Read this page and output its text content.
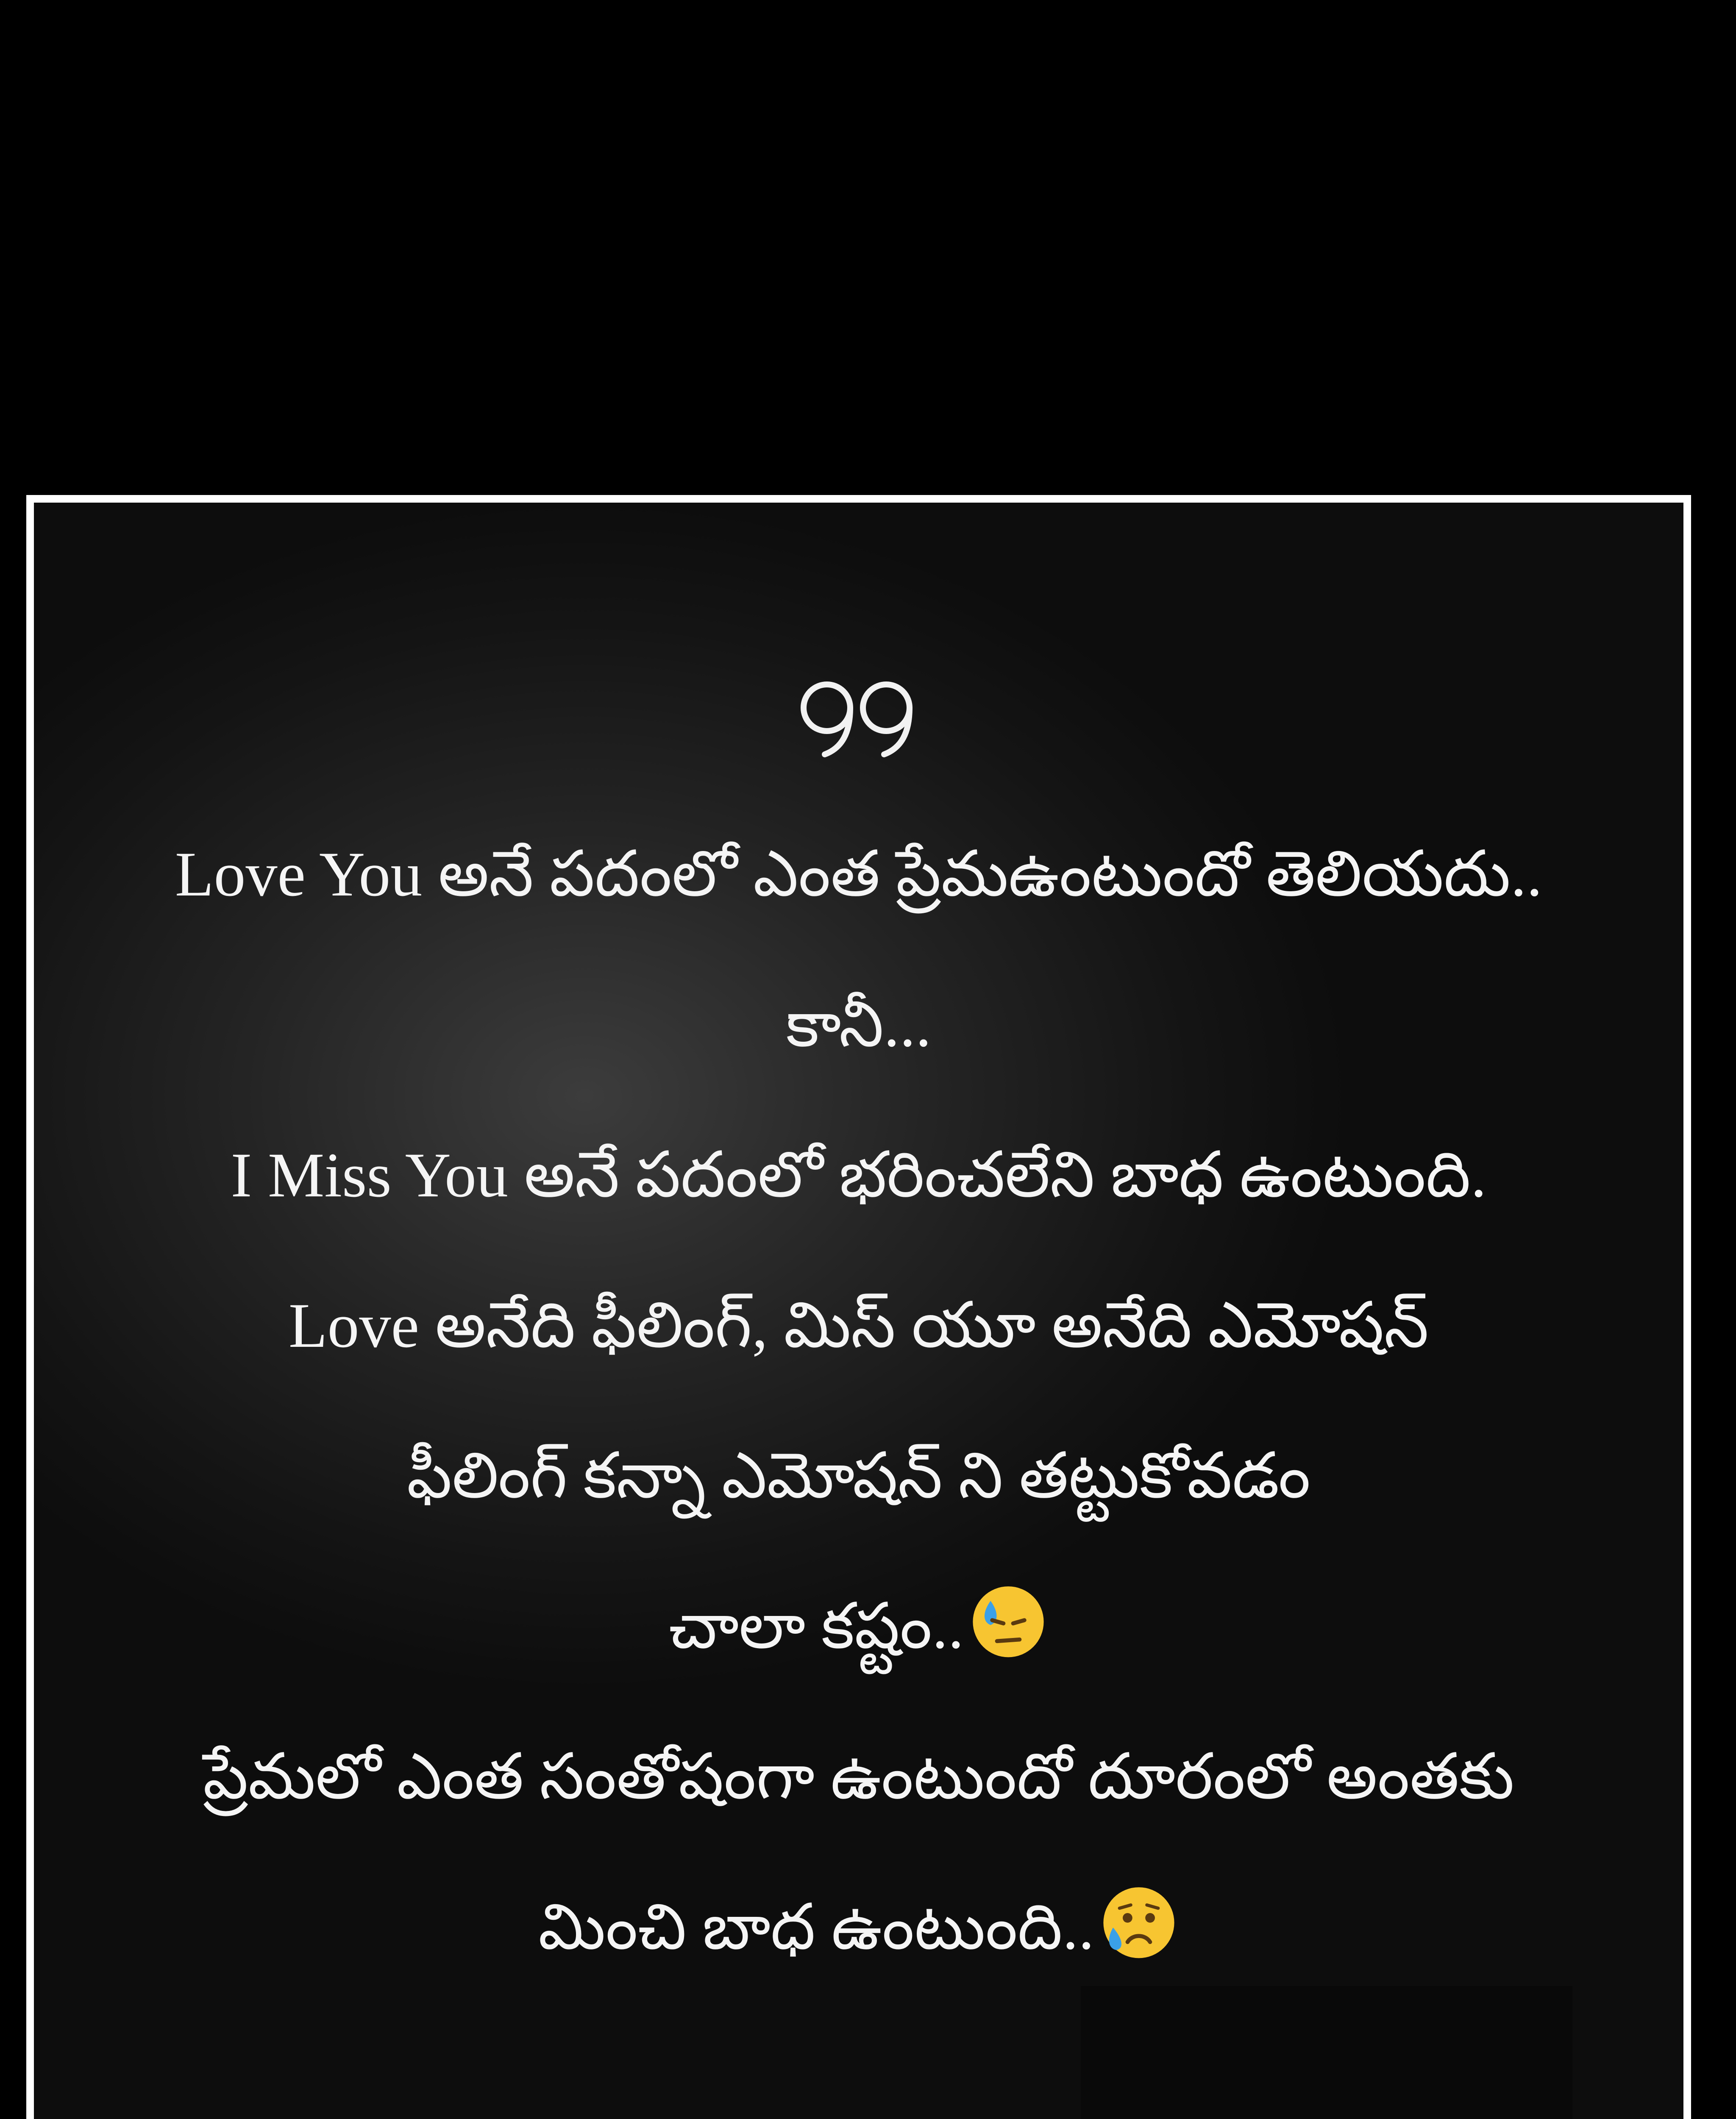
Love You అనే పదంలో ఎంత ప్రేమఉంటుందో తెలియదు..
కానీ...
I Miss You అనే పదంలో భరించలేని బాధ ఉంటుంది.
Love అనేది ఫీలింగ్, మిస్ యూ అనేది ఎమోషన్
ఫీలింగ్ కన్నా ఎమోషన్ ని తట్టుకోవడం
చాలా కష్టం..
ప్రేమలో ఎంత సంతోషంగా ఉంటుందో దూరంలో అంతకు
మించి బాధ ఉంటుంది..
